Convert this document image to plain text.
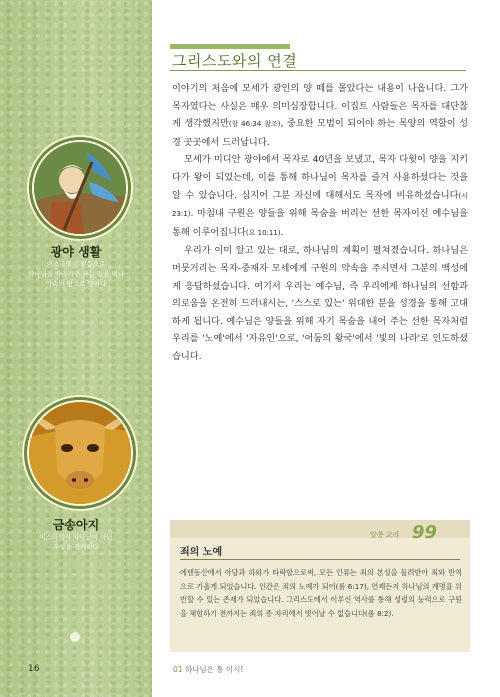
광야 생활
이스라엘이 믿음으로
하나님을 따라가면 하는 길을 떠나
약속의 땅으로 향하다
금송아지
이스라엘이 하나님이 아닌
우상을 경배하다
16
그리스도와의 연결

이야기의 처음에 모세가 광인의 양 떼를 몰았다는 내용이 나옵니다. 그가 목자였다는 사실은 매우 의미심장합니다. 이집트 사람들은 목자를 대단찮게 생각했지만(창 46:34 참조), 중요한 모범이 되어야 하는 목양의 역할이 성경 곳곳에서 드러납니다.

모세가 미디안 광야에서 목자로 40년을 보냈고, 목자 다윗이 양을 지키다가 왕이 되었는데, 이를 통해 하나님이 목자를 즐겨 사용하셨다는 것을 알 수 있습니다. 심지어 그분 자신에 대해서도 목자에 비유하셨습니다(시 23:1). 마침내 구원은 양들을 위해 목숨을 버리는 선한 목자이신 예수님을 통해 이루어집니다(요 10:11).

우리가 이미 알고 있는 대로, 하나님의 계획이 펼쳐졌습니다. 하나님은 머뭇거리는 목자-중재자 모세에게 구원의 약속을 주시면서 그분의 백성에게 응답하셨습니다. 여기서 우리는 예수님, 즉 우리에게 하나님의 선함과 의로움을 온전히 드러내시는, '스스로 있는' 위대한 분을 성경을 통해 고대하게 됩니다. 예수님은 양들을 위해 자기 목숨을 내어 주는 선한 목자처럼 우리를 '노예'에서 '자유인'으로, '어둠의 왕국'에서 '빛의 나라'로 인도하셨습니다.

알쏭 교리 99
죄의 노예
에덴동산에서 아담과 하와가 타락함으로써, 모든 인류는 죄의 본성을 물려받아 죄와 반역으로 기울게 되었습니다. 인간은 죄의 노예가 되어(롬 6:17), 언제든지 하나님의 계명을 위반할 수 있는 존재가 되었습니다. 그리스도에서 이루신 역사를 통해 성령의 능력으로 구원을 체험하기 전까지는 죄의 종 자리에서 벗어날 수 없습니다(롬 8:2).
01 하나님은 통 이시!
